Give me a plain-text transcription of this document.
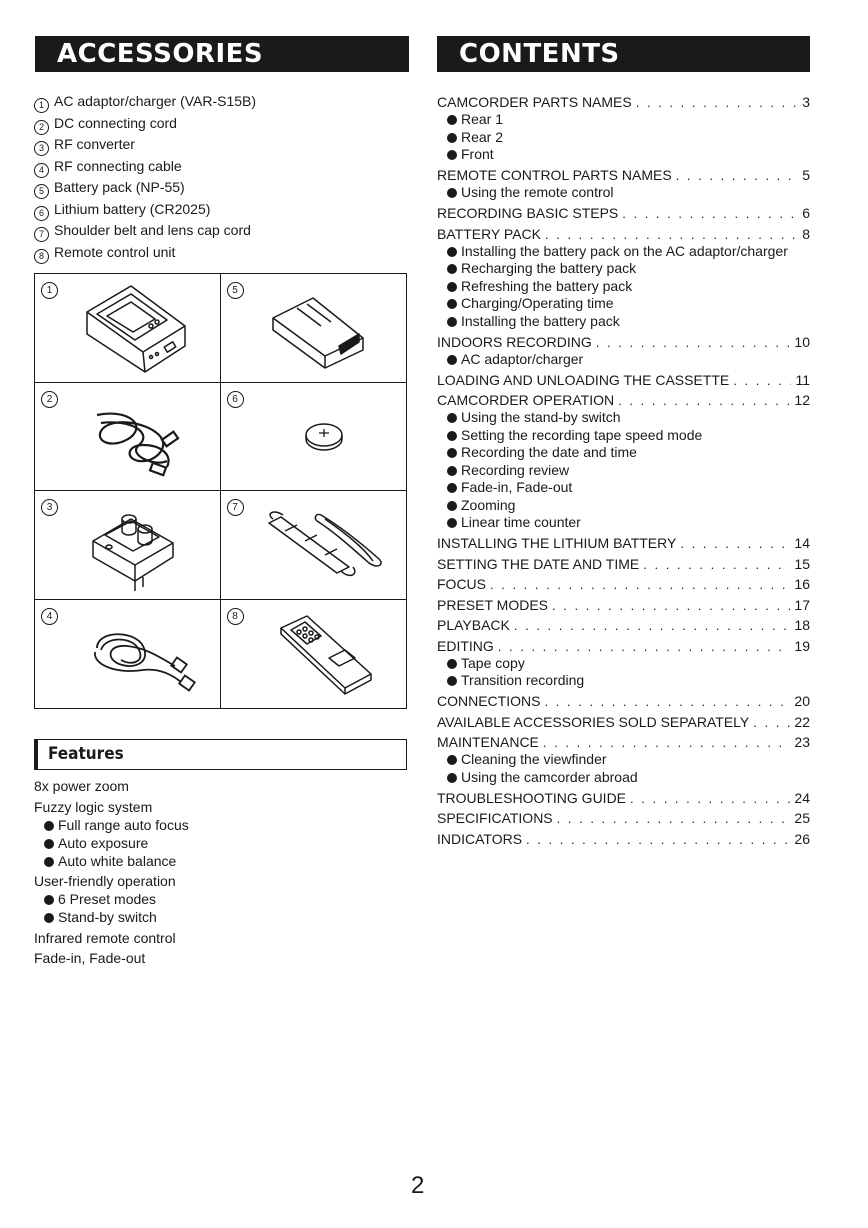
ACCESSORIES	CONTENTS
1 AC adaptor/charger (VAR-S15B)
2 DC connecting cord
3 RF converter
4 RF connecting cable
5 Battery pack (NP-55)
6 Lithium battery (CR2025)
7 Shoulder belt and lens cap cord
8 Remote control unit
1	5
2	6
3	7
4	8
Features
8x power zoom
Fuzzy logic system
Full range auto focus
Auto exposure
Auto white balance
User-friendly operation
6 Preset modes
Stand-by switch
Infrared remote control
Fade-in, Fade-out
CAMCORDER PARTS NAMES . . .	3
Rear 1
Rear 2
Front
REMOTE CONTROL PARTS NAMES . . .	5
Using the remote control
RECORDING BASIC STEPS . . .	6
BATTERY PACK . . .	8
Installing the battery pack on the AC adaptor/charger
Recharging the battery pack
Refreshing the battery pack
Charging/Operating time
Installing the battery pack
INDOORS RECORDING . . .	10
AC adaptor/charger
LOADING AND UNLOADING THE CASSETTE . . .	11
CAMCORDER OPERATION . . .	12
Using the stand-by switch
Setting the recording tape speed mode
Recording the date and time
Recording review
Fade-in, Fade-out
Zooming
Linear time counter
INSTALLING THE LITHIUM BATTERY . . .	14
SETTING THE DATE AND TIME . . .	15
FOCUS . . .	16
PRESET MODES . . .	17
PLAYBACK . . .	18
EDITING . . .	19
Tape copy
Transition recording
CONNECTIONS . . .	20
AVAILABLE ACCESSORIES SOLD SEPARATELY . . .	22
MAINTENANCE . . .	23
Cleaning the viewfinder
Using the camcorder abroad
TROUBLESHOOTING GUIDE . . .	24
SPECIFICATIONS . . .	25
INDICATORS . . .	26
2
